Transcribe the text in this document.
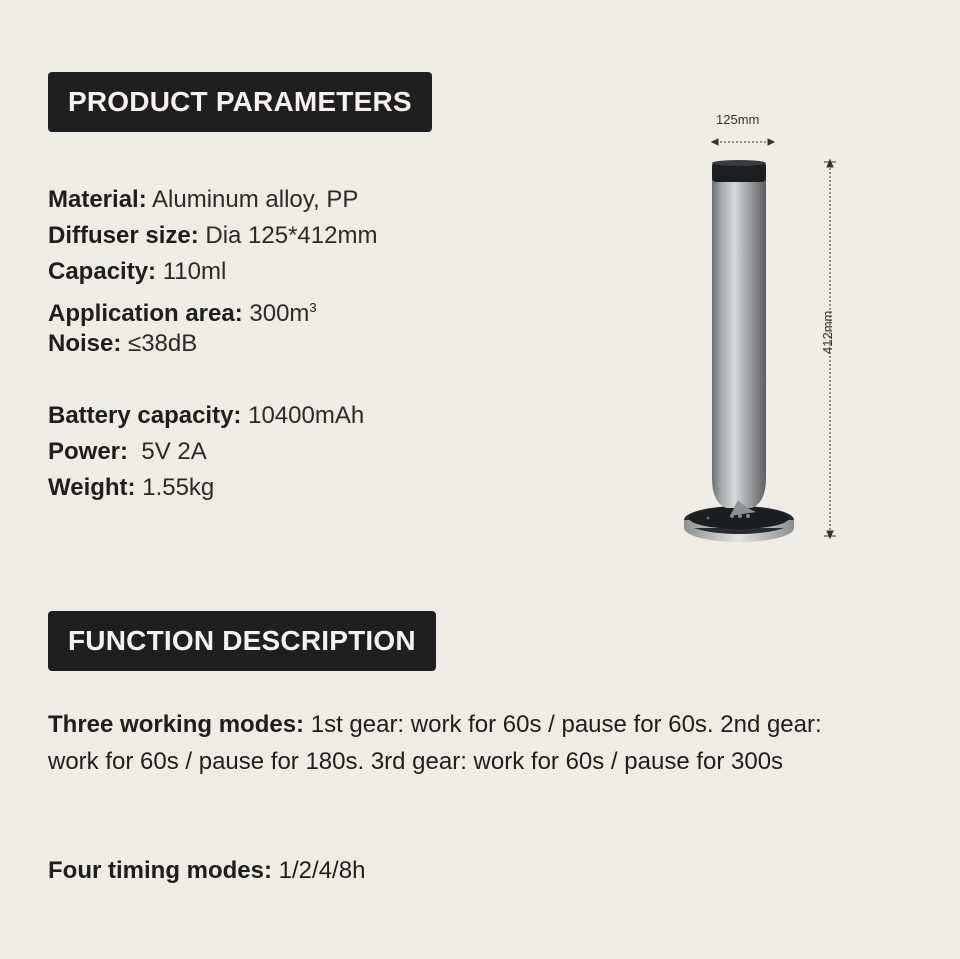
PRODUCT PARAMETERS
Material: Aluminum alloy, PP
Diffuser size: Dia 125*412mm
Capacity: 110ml
Application area: $300m^3$
Noise: ≤38dB
Battery capacity: 10400mAh
Power:  5V 2A
Weight: 1.55kg
125mm
412mm
FUNCTION DESCRIPTION
Three working modes: 1st gear: work for 60s / pause for 60s. 2nd gear: work for 60s / pause for 180s. 3rd gear: work for 60s / pause for 300s
Four timing modes: 1/2/4/8h
